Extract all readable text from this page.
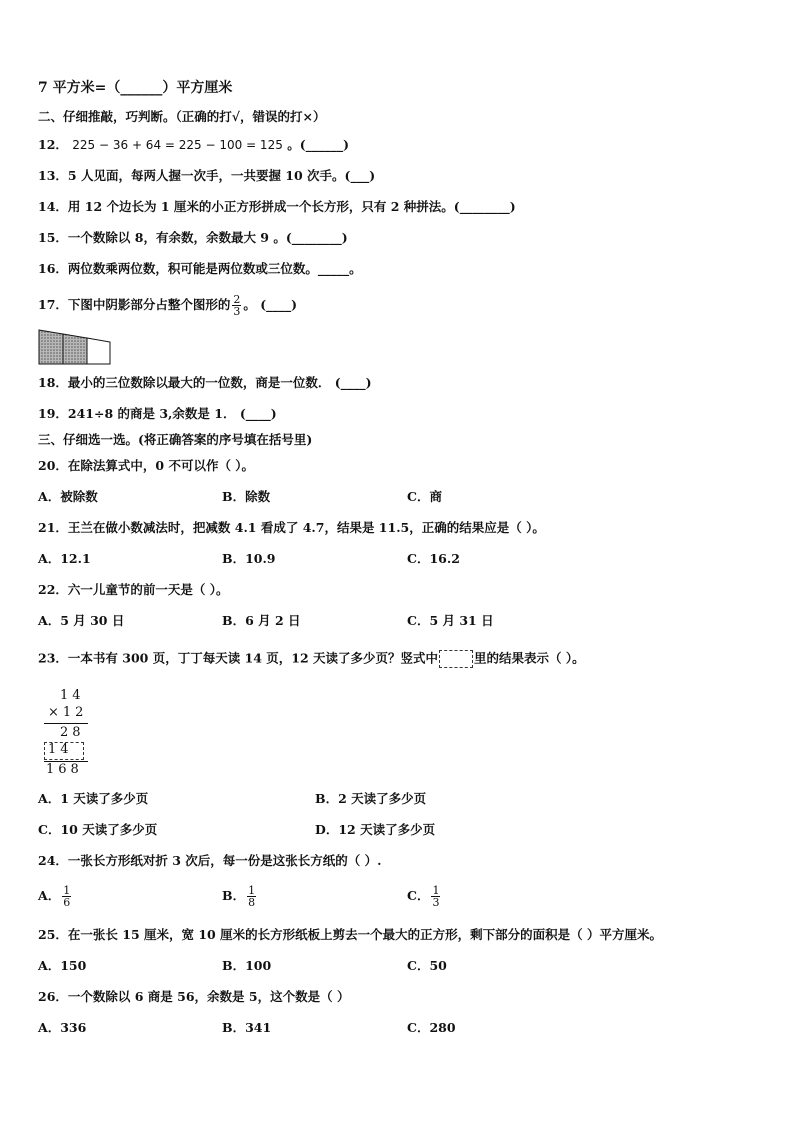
7 平方米=（______）平方厘米
二、仔细推敲，巧判断。（正确的打√，错误的打×）
12． 225 − 36 + 64 = 225 − 100 = 125 。(______)
13．5 人见面，每两人握一次手，一共要握 10 次手。(___)
14．用 12 个边长为 1 厘米的小正方形拼成一个长方形，只有 2 种拼法。(________)
15．一个数除以 8，有余数，余数最大 9 。(________)
16．两位数乘两位数，积可能是两位数或三位数。_____。
17．下图中阴影部分占整个图形的 $\frac{2}{3}$ 。 (____)
18．最小的三位数除以最大的一位数，商是一位数． (____)
19．241÷8 的商是 3,余数是 1． (____)
三、仔细选一选。(将正确答案的序号填在括号里)
20．在除法算式中，0 不可以作（ ）。
A．被除数	B．除数	C．商
21．王兰在做小数减法时，把减数 4.1 看成了 4.7，结果是 11.5，正确的结果应是（ ）。
A．12.1	B．10.9	C．16.2
22．六一儿童节的前一天是（ ）。
A．5 月 30 日	B．6 月 2 日	C．5 月 31 日
23．一本书有 300 页，丁丁每天读 14 页，12 天读了多少页？竖式中	里的结果表示（ ）。
14
×12
28
14
168
A．1 天读了多少页	B．2 天读了多少页
C．10 天读了多少页	D．12 天读了多少页
24．一张长方形纸对折 3 次后，每一份是这张长方纸的（ ）.
A． $\frac{1}{6}$	B． $\frac{1}{8}$	C． $\frac{1}{3}$
25．在一张长 15 厘米，宽 10 厘米的长方形纸板上剪去一个最大的正方形，剩下部分的面积是（ ）平方厘米。
A．150	B．100	C．50
26．一个数除以 6 商是 56，余数是 5，这个数是（ ）
A．336	B．341	C．280
